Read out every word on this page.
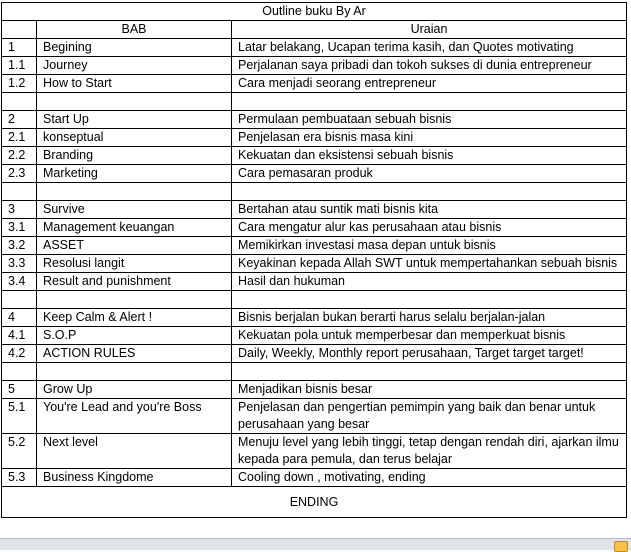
Outline buku By Ar		
	BAB	Uraian
1	Begining	Latar belakang, Ucapan terima kasih, dan Quotes motivating
1.1	Journey	Perjalanan saya pribadi dan tokoh sukses di dunia entrepreneur
1.2	How to Start	Cara menjadi seorang entrepreneur

2	Start Up	Permulaan pembuataan sebuah bisnis
2.1	konseptual	Penjelasan era bisnis masa kini
2.2	Branding	Kekuatan dan eksistensi sebuah bisnis
2.3	Marketing	Cara pemasaran produk

3	Survive	Bertahan atau suntik mati bisnis kita
3.1	Management keuangan	Cara mengatur alur kas perusahaan atau bisnis
3.2	ASSET	Memikirkan investasi masa depan untuk bisnis
3.3	Resolusi langit	Keyakinan kepada Allah SWT untuk mempertahankan sebuah bisnis
3.4	Result and punishment	Hasil dan hukuman

4	Keep Calm & Alert !	Bisnis berjalan bukan berarti harus selalu berjalan-jalan
4.1	S.O.P	Kekuatan pola untuk memperbesar dan memperkuat bisnis
4.2	ACTION RULES	Daily, Weekly, Monthly report perusahaan, Target target target!

5	Grow Up	Menjadikan bisnis besar
5.1	You're Lead and you're Boss	Penjelasan dan pengertian pemimpin yang baik dan benar untuk perusahaan yang besar
5.2	Next level	Menuju level yang lebih tinggi, tetap dengan rendah diri, ajarkan ilmu kepada para pemula, dan terus belajar
5.3	Business Kingdome	Cooling down , motivating, ending
ENDING		
